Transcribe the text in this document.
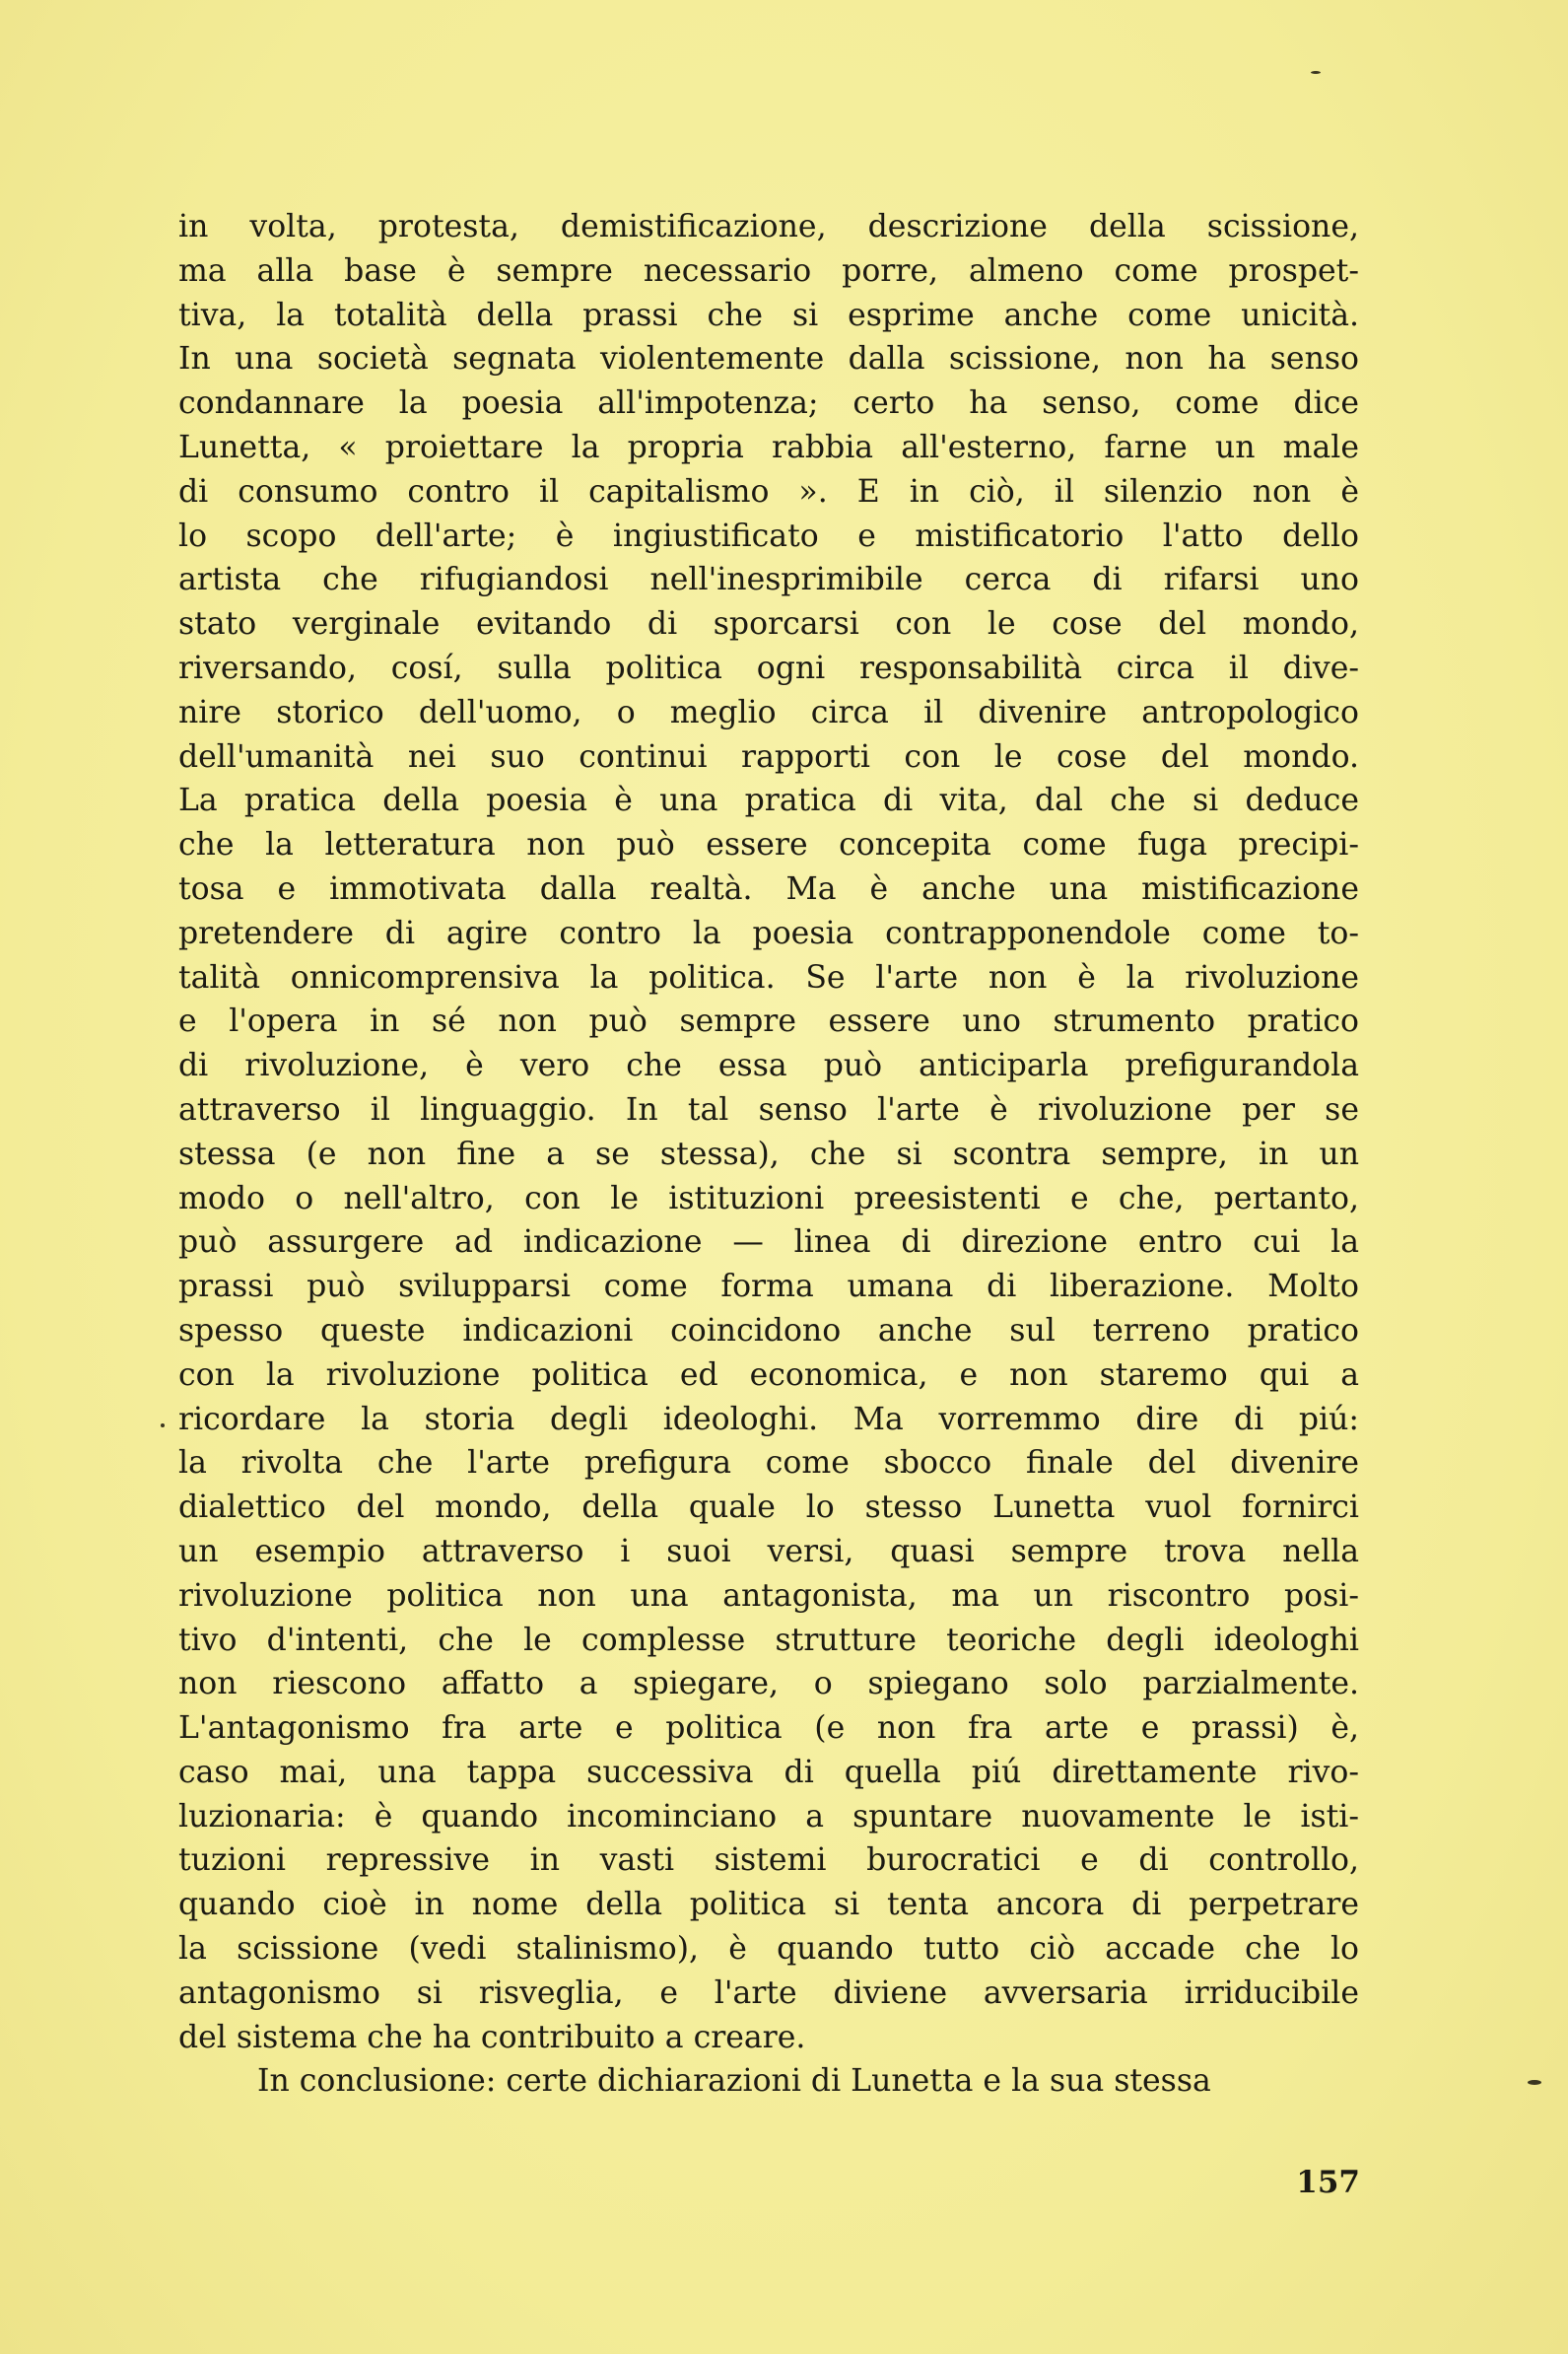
in volta, protesta, demistificazione, descrizione della scissione,
ma alla base è sempre necessario porre, almeno come prospet-
tiva, la totalità della prassi che si esprime anche come unicità.
In una società segnata violentemente dalla scissione, non ha senso
condannare la poesia all'impotenza; certo ha senso, come dice
Lunetta, « proiettare la propria rabbia all'esterno, farne un male
di consumo contro il capitalismo ». E in ciò, il silenzio non è
lo scopo dell'arte; è ingiustificato e mistificatorio l'atto dello
artista che rifugiandosi nell'inesprimibile cerca di rifarsi uno
stato verginale evitando di sporcarsi con le cose del mondo,
riversando, cosí, sulla politica ogni responsabilità circa il dive-
nire storico dell'uomo, o meglio circa il divenire antropologico
dell'umanità nei suo continui rapporti con le cose del mondo.
La pratica della poesia è una pratica di vita, dal che si deduce
che la letteratura non può essere concepita come fuga precipi-
tosa e immotivata dalla realtà. Ma è anche una mistificazione
pretendere di agire contro la poesia contrapponendole come to-
talità onnicomprensiva la politica. Se l'arte non è la rivoluzione
e l'opera in sé non può sempre essere uno strumento pratico
di rivoluzione, è vero che essa può anticiparla prefigurandola
attraverso il linguaggio. In tal senso l'arte è rivoluzione per se
stessa (e non fine a se stessa), che si scontra sempre, in un
modo o nell'altro, con le istituzioni preesistenti e che, pertanto,
può assurgere ad indicazione — linea di direzione entro cui la
prassi può svilupparsi come forma umana di liberazione. Molto
spesso queste indicazioni coincidono anche sul terreno pratico
con la rivoluzione politica ed economica, e non staremo qui a
ricordare la storia degli ideologhi. Ma vorremmo dire di piú:
la rivolta che l'arte prefigura come sbocco finale del divenire
dialettico del mondo, della quale lo stesso Lunetta vuol fornirci
un esempio attraverso i suoi versi, quasi sempre trova nella
rivoluzione politica non una antagonista, ma un riscontro posi-
tivo d'intenti, che le complesse strutture teoriche degli ideologhi
non riescono affatto a spiegare, o spiegano solo parzialmente.
L'antagonismo fra arte e politica (e non fra arte e prassi) è,
caso mai, una tappa successiva di quella piú direttamente rivo-
luzionaria: è quando incominciano a spuntare nuovamente le isti-
tuzioni repressive in vasti sistemi burocratici e di controllo,
quando cioè in nome della politica si tenta ancora di perpetrare
la scissione (vedi stalinismo), è quando tutto ciò accade che lo
antagonismo si risveglia, e l'arte diviene avversaria irriducibile
del sistema che ha contribuito a creare.
In conclusione: certe dichiarazioni di Lunetta e la sua stessa
157
